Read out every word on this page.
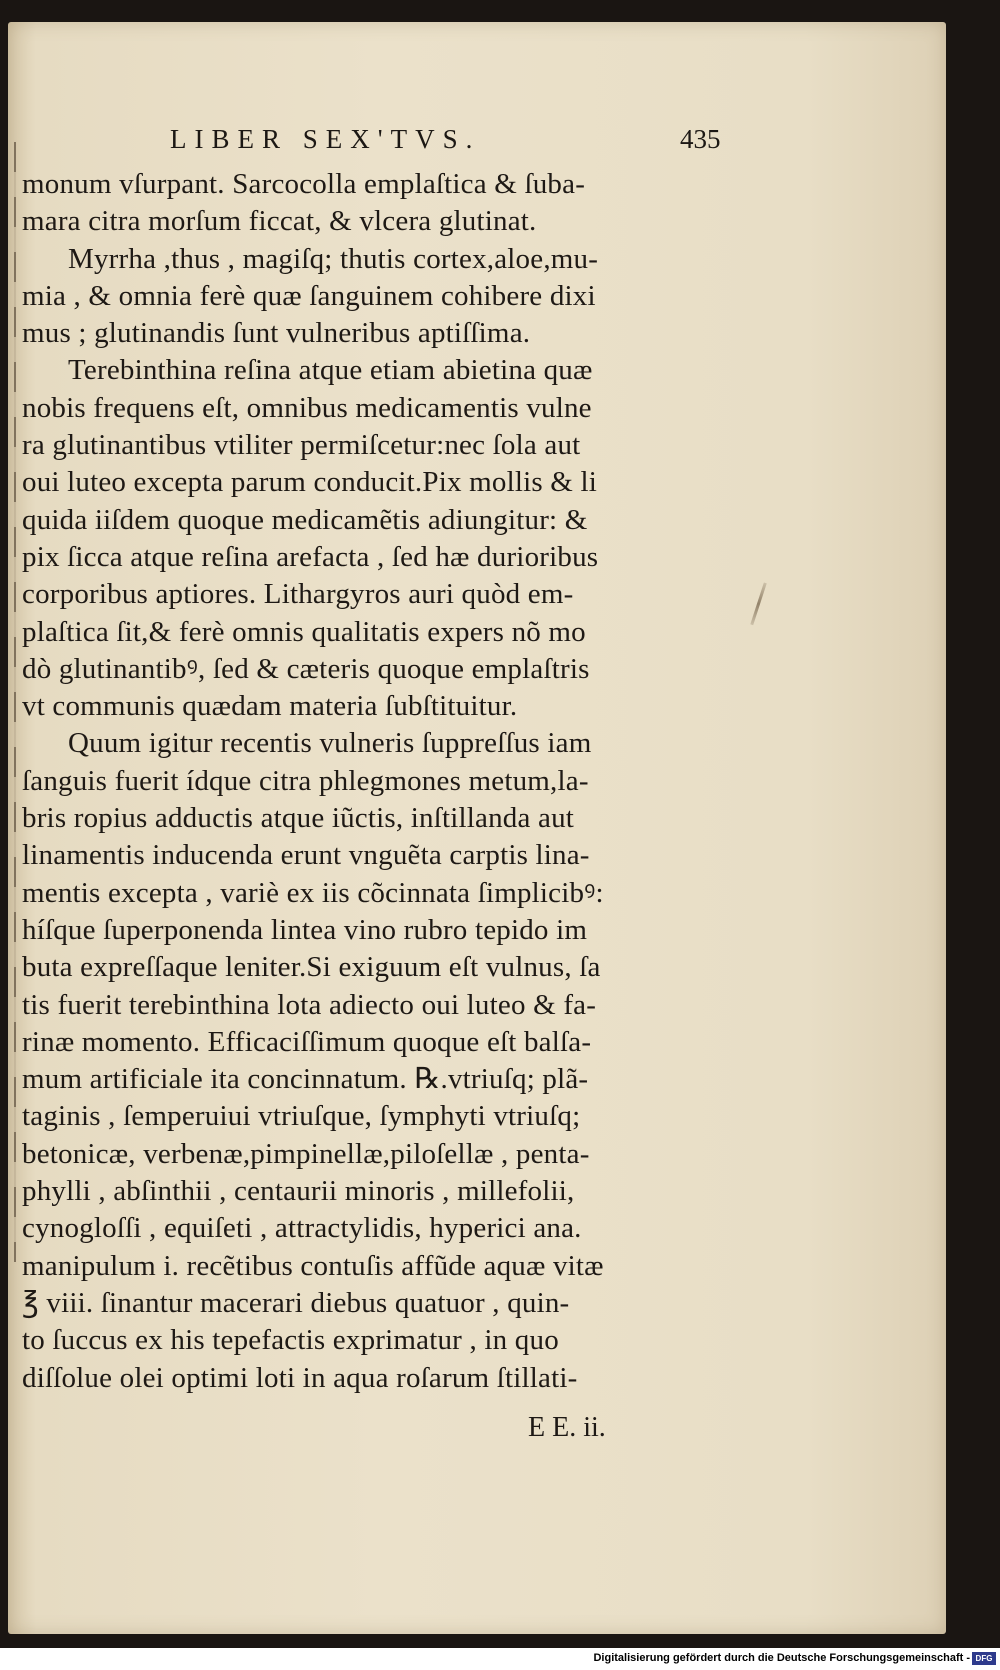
LIBER SEX'TVS.	435
monum vſurpant. Sarcocolla emplaſtica & ſuba-
mara citra morſum ficcat, & vlcera glutinat.
Myrrha ,thus , magiſq; thutis cortex,aloe,mu-
mia , & omnia ferè quæ ſanguinem cohibere dixi
mus ; glutinandis ſunt vulneribus aptiſſima.
Terebinthina reſina atque etiam abietina quæ
nobis frequens eſt, omnibus medicamentis vulne
ra glutinantibus vtiliter permiſcetur:nec ſola aut
oui luteo excepta parum conducit.Pix mollis & li
quida iiſdem quoque medicamẽtis adiungitur: &
pix ſicca atque reſina arefacta , ſed hæ durioribus
corporibus aptiores. Lithargyros auri quòd em-
plaſtica ſit,& ferè omnis qualitatis expers nõ mo
dò glutinantibꝰ, ſed & cæteris quoque emplaſtris
vt communis quædam materia ſubſtituitur.
Quum igitur recentis vulneris ſuppreſſus iam
ſanguis fuerit ídque citra phlegmones metum,la-
bris ropius adductis atque iũctis, inſtillanda aut
linamentis inducenda erunt vnguẽta carptis lina-
mentis excepta , variè ex iis cõcinnata ſimplicibꝰ:
híſque ſuperponenda lintea vino rubro tepido im
buta expreſſaque leniter.Si exiguum eſt vulnus, ſa
tis fuerit terebinthina lota adiecto oui luteo & fa-
rinæ momento. Efficaciſſimum quoque eſt balſa-
mum artificiale ita concinnatum. ℞.vtriuſq; plã-
taginis , ſemperuiui vtriuſque, ſymphyti vtriuſq;
betonicæ, verbenæ,pimpinellæ,piloſellæ , penta-
phylli , abſinthii , centaurii minoris , millefolii,
cynogloſſi , equiſeti , attractylidis, hyperici ana.
manipulum i. recẽtibus contuſis affũde aquæ vitæ
℥ viii. ſinantur macerari diebus quatuor , quin-
to ſuccus ex his tepefactis exprimatur , in quo
diſſolue olei optimi loti in aqua roſarum ſtillati-
E E. ii.
Digitalisierung gefördert durch die Deutsche Forschungsgemeinschaft - DFG
